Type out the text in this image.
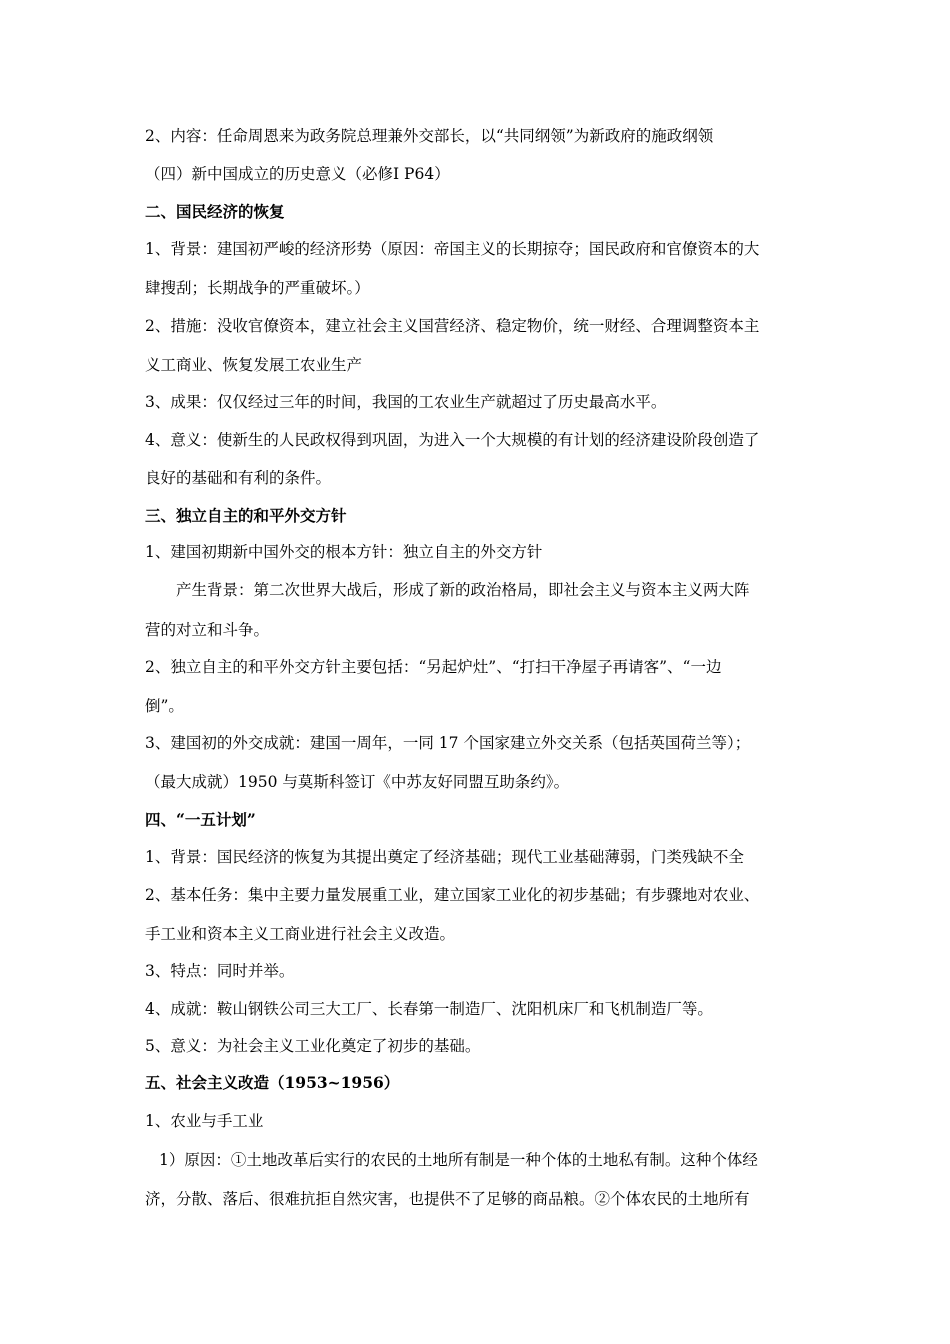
2、内容：任命周恩来为政务院总理兼外交部长，以“共同纲领”为新政府的施政纲领
（四）新中国成立的历史意义（必修Ⅰ P64）
二、国民经济的恢复
1、背景：建国初严峻的经济形势（原因：帝国主义的长期掠夺；国民政府和官僚资本的大
肆搜刮；长期战争的严重破坏。）
2、措施：没收官僚资本，建立社会主义国营经济、稳定物价，统一财经、合理调整资本主
义工商业、恢复发展工农业生产
3、成果：仅仅经过三年的时间，我国的工农业生产就超过了历史最高水平。
4、意义：使新生的人民政权得到巩固，为进入一个大规模的有计划的经济建设阶段创造了
良好的基础和有利的条件。
三、独立自主的和平外交方针
1、建国初期新中国外交的根本方针：独立自主的外交方针
产生背景：第二次世界大战后，形成了新的政治格局，即社会主义与资本主义两大阵
营的对立和斗争。
2、独立自主的和平外交方针主要包括：“另起炉灶”、“打扫干净屋子再请客”、“一边
倒”。
3、建国初的外交成就：建国一周年，一同 17 个国家建立外交关系（包括英国荷兰等）；
（最大成就）1950 与莫斯科签订《中苏友好同盟互助条约》。
四、“一五计划”
1、背景：国民经济的恢复为其提出奠定了经济基础；现代工业基础薄弱，门类残缺不全
2、基本任务：集中主要力量发展重工业，建立国家工业化的初步基础；有步骤地对农业、
手工业和资本主义工商业进行社会主义改造。
3、特点：同时并举。
4、成就：鞍山钢铁公司三大工厂、长春第一制造厂、沈阳机床厂和飞机制造厂等。
5、意义：为社会主义工业化奠定了初步的基础。
五、社会主义改造（1953~1956）
1、农业与手工业
1）原因：①土地改革后实行的农民的土地所有制是一种个体的土地私有制。这种个体经
济，分散、落后、很难抗拒自然灾害，也提供不了足够的商品粮。②个体农民的土地所有
